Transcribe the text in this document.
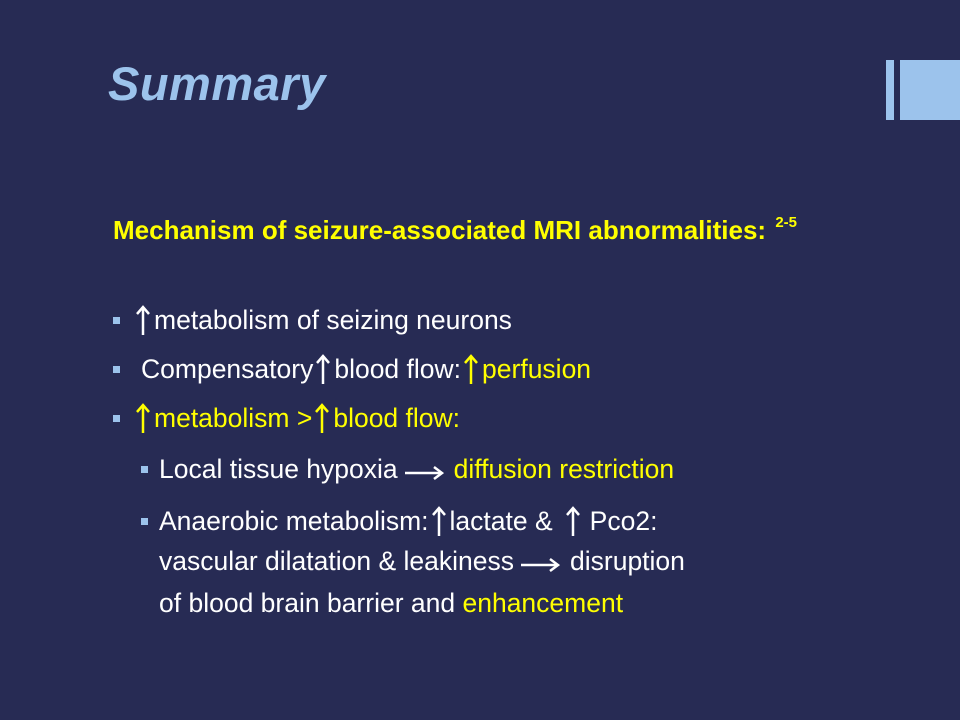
Summary

Mechanism of seizure-associated MRI abnormalities: $^{2-5}$

metabolism of seizing neurons
Compensatory blood flow: perfusion
metabolism > blood flow:
Local tissue hypoxia diffusion restriction
Anaerobic metabolism: lactate & Pco2:
vascular dilatation & leakiness disruption
of blood brain barrier and enhancement
